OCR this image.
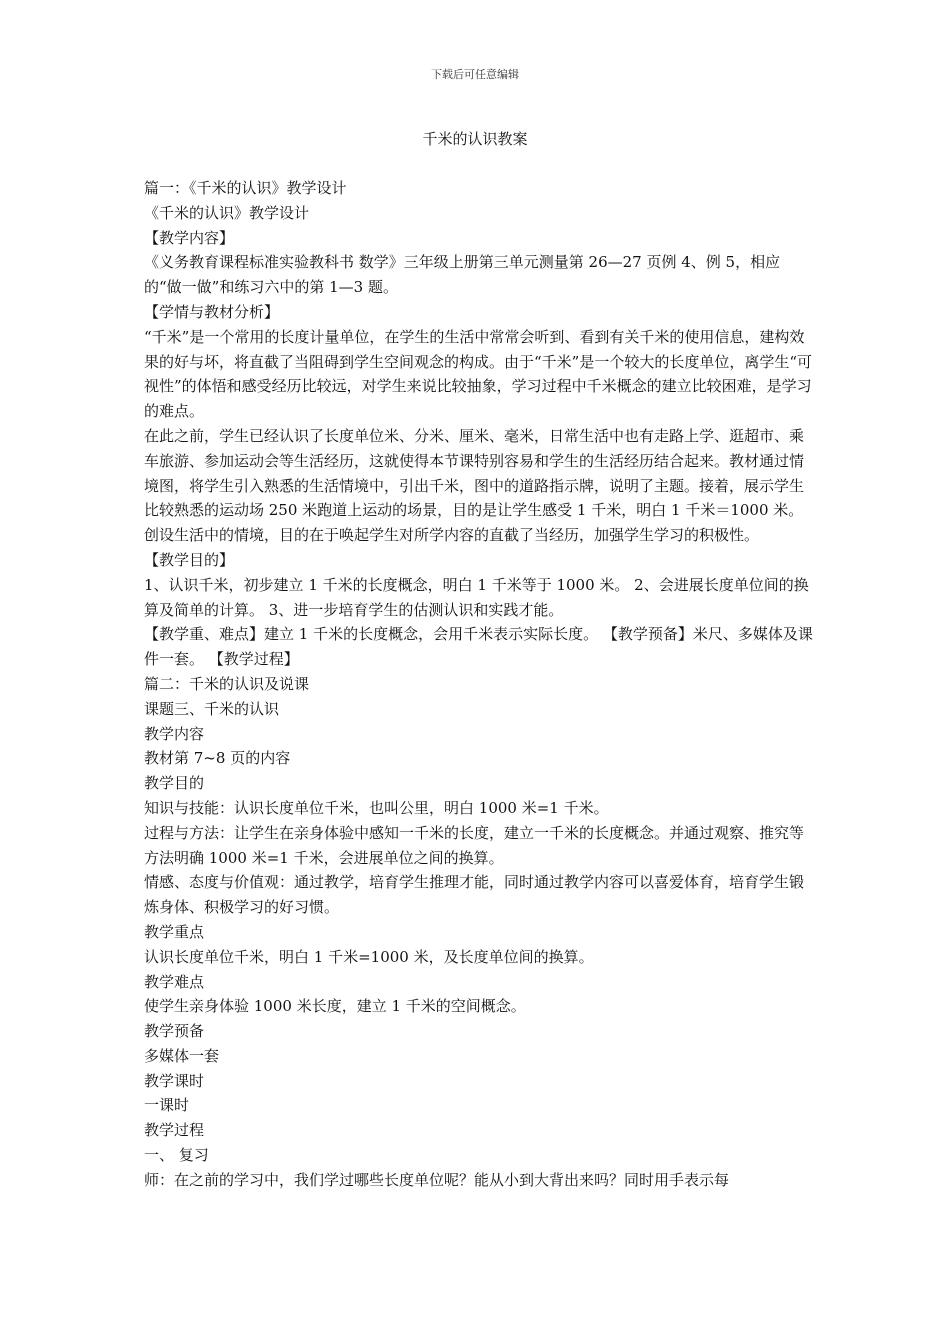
下载后可任意编辑
千米的认识教案

篇一：《千米的认识》教学设计

《千米的认识》教学设计

【教学内容】

《义务教育课程标准实验教科书 数学》三年级上册第三单元测量第 26—27 页例 4、例 5，相应的“做一做”和练习六中的第 1—3 题。

【学情与教材分析】

“千米”是一个常用的长度计量单位，在学生的生活中常常会听到、看到有关千米的使用信息，建构效果的好与坏，将直截了当阻碍到学生空间观念的构成。由于“千米”是一个较大的长度单位，离学生“可视性”的体悟和感受经历比较远，对学生来说比较抽象，学习过程中千米概念的建立比较困难，是学习的难点。

在此之前，学生已经认识了长度单位米、分米、厘米、毫米，日常生活中也有走路上学、逛超市、乘车旅游、参加运动会等生活经历，这就使得本节课特别容易和学生的生活经历结合起来。教材通过情境图，将学生引入熟悉的生活情境中，引出千米，图中的道路指示牌，说明了主题。接着，展示学生比较熟悉的运动场 250 米跑道上运动的场景，目的是让学生感受 1 千米，明白 1 千米＝1000 米。创设生活中的情境，目的在于唤起学生对所学内容的直截了当经历，加强学生学习的积极性。

【教学目的】

1、认识千米，初步建立 1 千米的长度概念，明白 1 千米等于 1000 米。 2、会进展长度单位间的换算及简单的计算。 3、进一步培育学生的估测认识和实践才能。

【教学重、难点】建立 1 千米的长度概念，会用千米表示实际长度。 【教学预备】米尺、多媒体及课件一套。 【教学过程】

篇二：千米的认识及说课

课题三、千米的认识

教学内容

教材第 7~8 页的内容

教学目的

知识与技能：认识长度单位千米，也叫公里，明白 1000 米=1 千米。

过程与方法：让学生在亲身体验中感知一千米的长度，建立一千米的长度概念。并通过观察、推究等方法明确 1000 米=1 千米，会进展单位之间的换算。

情感、态度与价值观：通过教学，培育学生推理才能，同时通过教学内容可以喜爱体育，培育学生锻炼身体、积极学习的好习惯。

教学重点

认识长度单位千米，明白 1 千米=1000 米，及长度单位间的换算。

教学难点

使学生亲身体验 1000 米长度，建立 1 千米的空间概念。

教学预备

多媒体一套

教学课时

一课时

教学过程

一、 复习

师：在之前的学习中，我们学过哪些长度单位呢？能从小到大背出来吗？同时用手表示每
